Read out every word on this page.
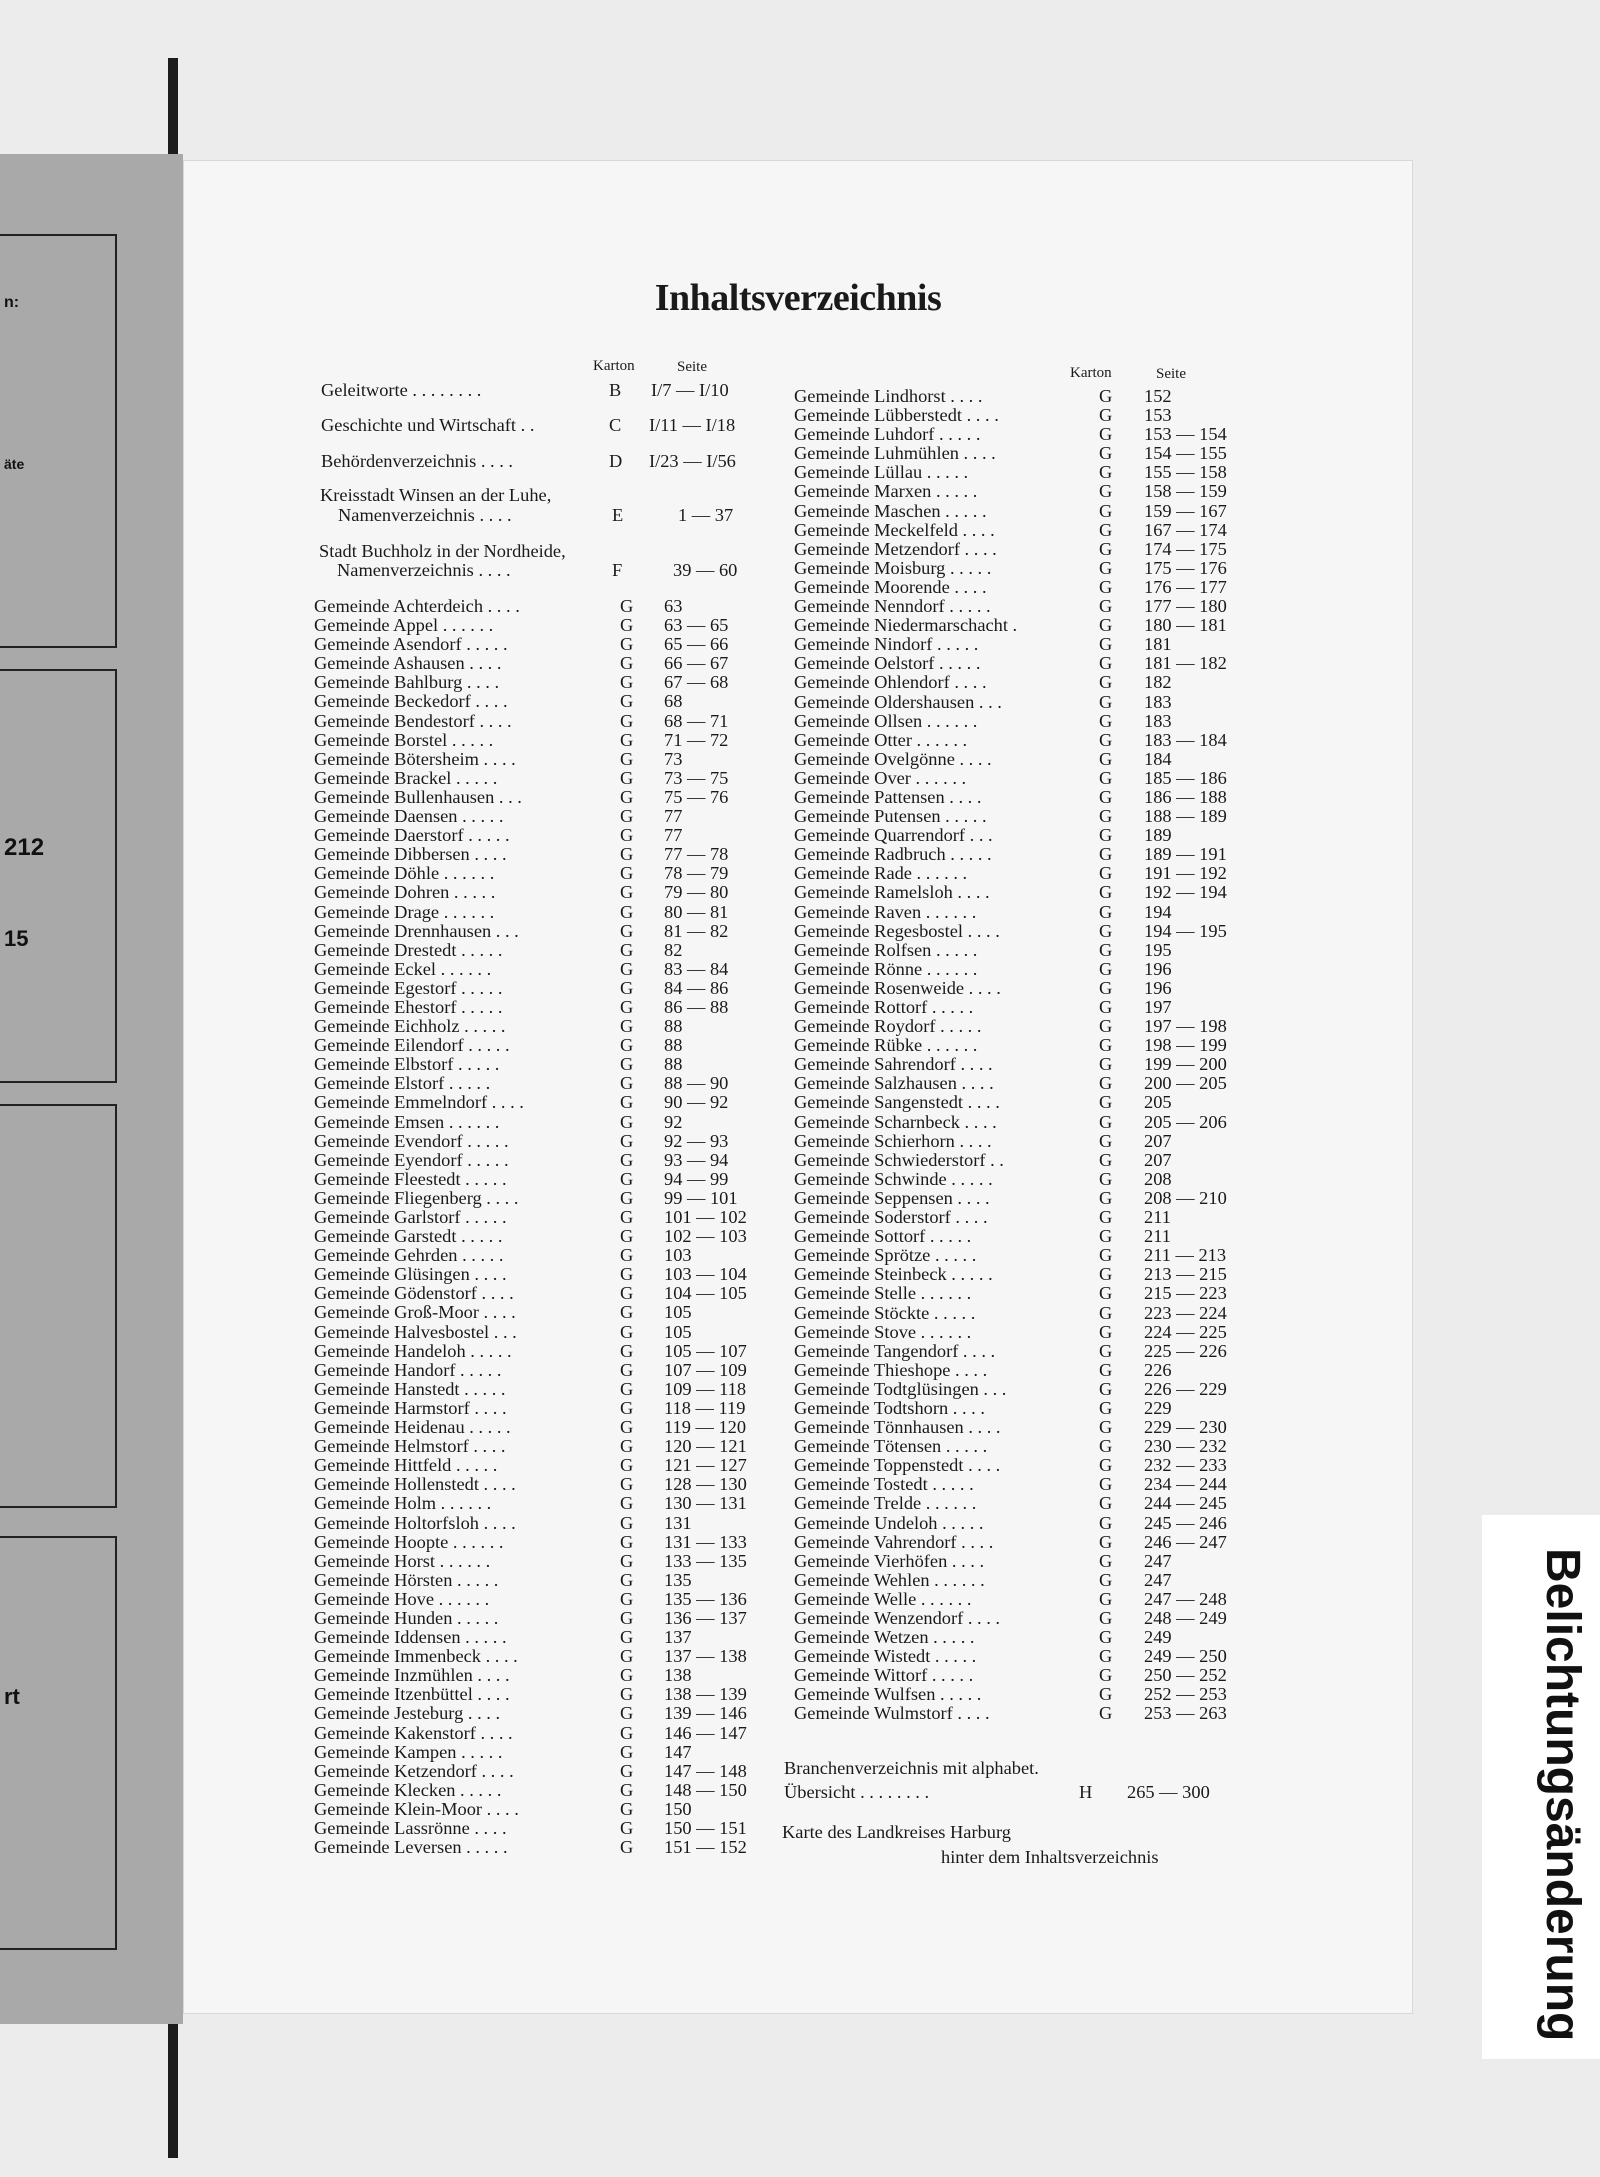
n:
äte
212
15
rt
Inhaltsverzeichnis
Karton	Seite	Karton	Seite
Geleitworte . . . . . . . .	B I/7 — I/10
Geschichte und Wirtschaft . .	C I/11 — I/18
Behördenverzeichnis . . . .	D I/23 — I/56
Kreisstadt Winsen an der Luhe,
Namenverzeichnis . . . .	E	1 — 37
Stadt Buchholz in der Nordheide,
Namenverzeichnis . . . .	F	39 — 60
Gemeinde Achterdeich . . . .	G 63
Gemeinde Appel . . . . . .	G 63 — 65
Gemeinde Asendorf . . . . .	G 65 — 66
Gemeinde Ashausen . . . .	G 66 — 67
Gemeinde Bahlburg . . . .	G 67 — 68
Gemeinde Beckedorf . . . .	G 68
Gemeinde Bendestorf . . . .	G 68 — 71
Gemeinde Borstel . . . . .	G 71 — 72
Gemeinde Bötersheim . . . .	G 73
Gemeinde Brackel . . . . .	G 73 — 75
Gemeinde Bullenhausen . . .	G 75 — 76
Gemeinde Daensen . . . . .	G 77
Gemeinde Daerstorf . . . . .	G 77
Gemeinde Dibbersen . . . .	G 77 — 78
Gemeinde Döhle . . . . . .	G 78 — 79
Gemeinde Dohren . . . . .	G 79 — 80
Gemeinde Drage . . . . . .	G 80 — 81
Gemeinde Drennhausen . . .	G 81 — 82
Gemeinde Drestedt . . . . .	G 82
Gemeinde Eckel . . . . . .	G 83 — 84
Gemeinde Egestorf . . . . .	G 84 — 86
Gemeinde Ehestorf . . . . .	G 86 — 88
Gemeinde Eichholz . . . . .	G 88
Gemeinde Eilendorf . . . . .	G 88
Gemeinde Elbstorf . . . . .	G 88
Gemeinde Elstorf . . . . .	G 88 — 90
Gemeinde Emmelndorf . . . .	G 90 — 92
Gemeinde Emsen . . . . . .	G 92
Gemeinde Evendorf . . . . .	G 92 — 93
Gemeinde Eyendorf . . . . .	G 93 — 94
Gemeinde Fleestedt . . . . .	G 94 — 99
Gemeinde Fliegenberg . . . .	G 99 — 101
Gemeinde Garlstorf . . . . .	G 101 — 102
Gemeinde Garstedt . . . . .	G 102 — 103
Gemeinde Gehrden . . . . .	G 103
Gemeinde Glüsingen . . . .	G 103 — 104
Gemeinde Gödenstorf . . . .	G 104 — 105
Gemeinde Groß-Moor . . . .	G 105
Gemeinde Halvesbostel . . .	G 105
Gemeinde Handeloh . . . . .	G 105 — 107
Gemeinde Handorf . . . . .	G 107 — 109
Gemeinde Hanstedt . . . . .	G 109 — 118
Gemeinde Harmstorf . . . .	G 118 — 119
Gemeinde Heidenau . . . . .	G 119 — 120
Gemeinde Helmstorf . . . .	G 120 — 121
Gemeinde Hittfeld . . . . .	G 121 — 127
Gemeinde Hollenstedt . . . .	G 128 — 130
Gemeinde Holm . . . . . .	G 130 — 131
Gemeinde Holtorfsloh . . . .	G 131
Gemeinde Hoopte . . . . . .	G 131 — 133
Gemeinde Horst . . . . . .	G 133 — 135
Gemeinde Hörsten . . . . .	G 135
Gemeinde Hove . . . . . .	G 135 — 136
Gemeinde Hunden . . . . .	G 136 — 137
Gemeinde Iddensen . . . . .	G 137
Gemeinde Immenbeck . . . .	G 137 — 138
Gemeinde Inzmühlen . . . .	G 138
Gemeinde Itzenbüttel . . . .	G 138 — 139
Gemeinde Jesteburg . . . .	G 139 — 146
Gemeinde Kakenstorf . . . .	G 146 — 147
Gemeinde Kampen . . . . .	G 147
Gemeinde Ketzendorf . . . .	G 147 — 148
Gemeinde Klecken . . . . .	G 148 — 150
Gemeinde Klein-Moor . . . .	G 150
Gemeinde Lassrönne . . . .	G 150 — 151
Gemeinde Leversen . . . . .	G 151 — 152
Gemeinde Lindhorst . . . .	G 152
Gemeinde Lübberstedt . . . .	G 153
Gemeinde Luhdorf . . . . .	G 153 — 154
Gemeinde Luhmühlen . . . .	G 154 — 155
Gemeinde Lüllau . . . . .	G 155 — 158
Gemeinde Marxen . . . . .	G 158 — 159
Gemeinde Maschen . . . . .	G 159 — 167
Gemeinde Meckelfeld . . . .	G 167 — 174
Gemeinde Metzendorf . . . .	G 174 — 175
Gemeinde Moisburg . . . . .	G 175 — 176
Gemeinde Moorende . . . .	G 176 — 177
Gemeinde Nenndorf . . . . .	G 177 — 180
Gemeinde Niedermarschacht .	G 180 — 181
Gemeinde Nindorf . . . . .	G 181
Gemeinde Oelstorf . . . . .	G 181 — 182
Gemeinde Ohlendorf . . . .	G 182
Gemeinde Oldershausen . . .	G 183
Gemeinde Ollsen . . . . . .	G 183
Gemeinde Otter . . . . . .	G 183 — 184
Gemeinde Ovelgönne . . . .	G 184
Gemeinde Over . . . . . .	G 185 — 186
Gemeinde Pattensen . . . .	G 186 — 188
Gemeinde Putensen . . . . .	G 188 — 189
Gemeinde Quarrendorf . . .	G 189
Gemeinde Radbruch . . . . .	G 189 — 191
Gemeinde Rade . . . . . .	G 191 — 192
Gemeinde Ramelsloh . . . .	G 192 — 194
Gemeinde Raven . . . . . .	G 194
Gemeinde Regesbostel . . . .	G 194 — 195
Gemeinde Rolfsen . . . . .	G 195
Gemeinde Rönne . . . . . .	G 196
Gemeinde Rosenweide . . . .	G 196
Gemeinde Rottorf . . . . .	G 197
Gemeinde Roydorf . . . . .	G 197 — 198
Gemeinde Rübke . . . . . .	G 198 — 199
Gemeinde Sahrendorf . . . .	G 199 — 200
Gemeinde Salzhausen . . . .	G 200 — 205
Gemeinde Sangenstedt . . . .	G 205
Gemeinde Scharnbeck . . . .	G 205 — 206
Gemeinde Schierhorn . . . .	G 207
Gemeinde Schwiederstorf . .	G 207
Gemeinde Schwinde . . . . .	G 208
Gemeinde Seppensen . . . .	G 208 — 210
Gemeinde Soderstorf . . . .	G 211
Gemeinde Sottorf . . . . .	G 211
Gemeinde Sprötze . . . . .	G 211 — 213
Gemeinde Steinbeck . . . . .	G 213 — 215
Gemeinde Stelle . . . . . .	G 215 — 223
Gemeinde Stöckte . . . . .	G 223 — 224
Gemeinde Stove . . . . . .	G 224 — 225
Gemeinde Tangendorf . . . .	G 225 — 226
Gemeinde Thieshope . . . .	G 226
Gemeinde Todtglüsingen . . .	G 226 — 229
Gemeinde Todtshorn . . . .	G 229
Gemeinde Tönnhausen . . . .	G 229 — 230
Gemeinde Tötensen . . . . .	G 230 — 232
Gemeinde Toppenstedt . . . .	G 232 — 233
Gemeinde Tostedt . . . . .	G 234 — 244
Gemeinde Trelde . . . . . .	G 244 — 245
Gemeinde Undeloh . . . . .	G 245 — 246
Gemeinde Vahrendorf . . . .	G 246 — 247
Gemeinde Vierhöfen . . . .	G 247
Gemeinde Wehlen . . . . . .	G 247
Gemeinde Welle . . . . . .	G 247 — 248
Gemeinde Wenzendorf . . . .	G 248 — 249
Gemeinde Wetzen . . . . .	G 249
Gemeinde Wistedt . . . . .	G 249 — 250
Gemeinde Wittorf . . . . .	G 250 — 252
Gemeinde Wulfsen . . . . .	G 252 — 253
Gemeinde Wulmstorf . . . .	G 253 — 263
Branchenverzeichnis mit alphabet.
Übersicht . . . . . . . .	H 265 — 300
Karte des Landkreises Harburg
hinter dem Inhaltsverzeichnis	Belichtungsänderung
